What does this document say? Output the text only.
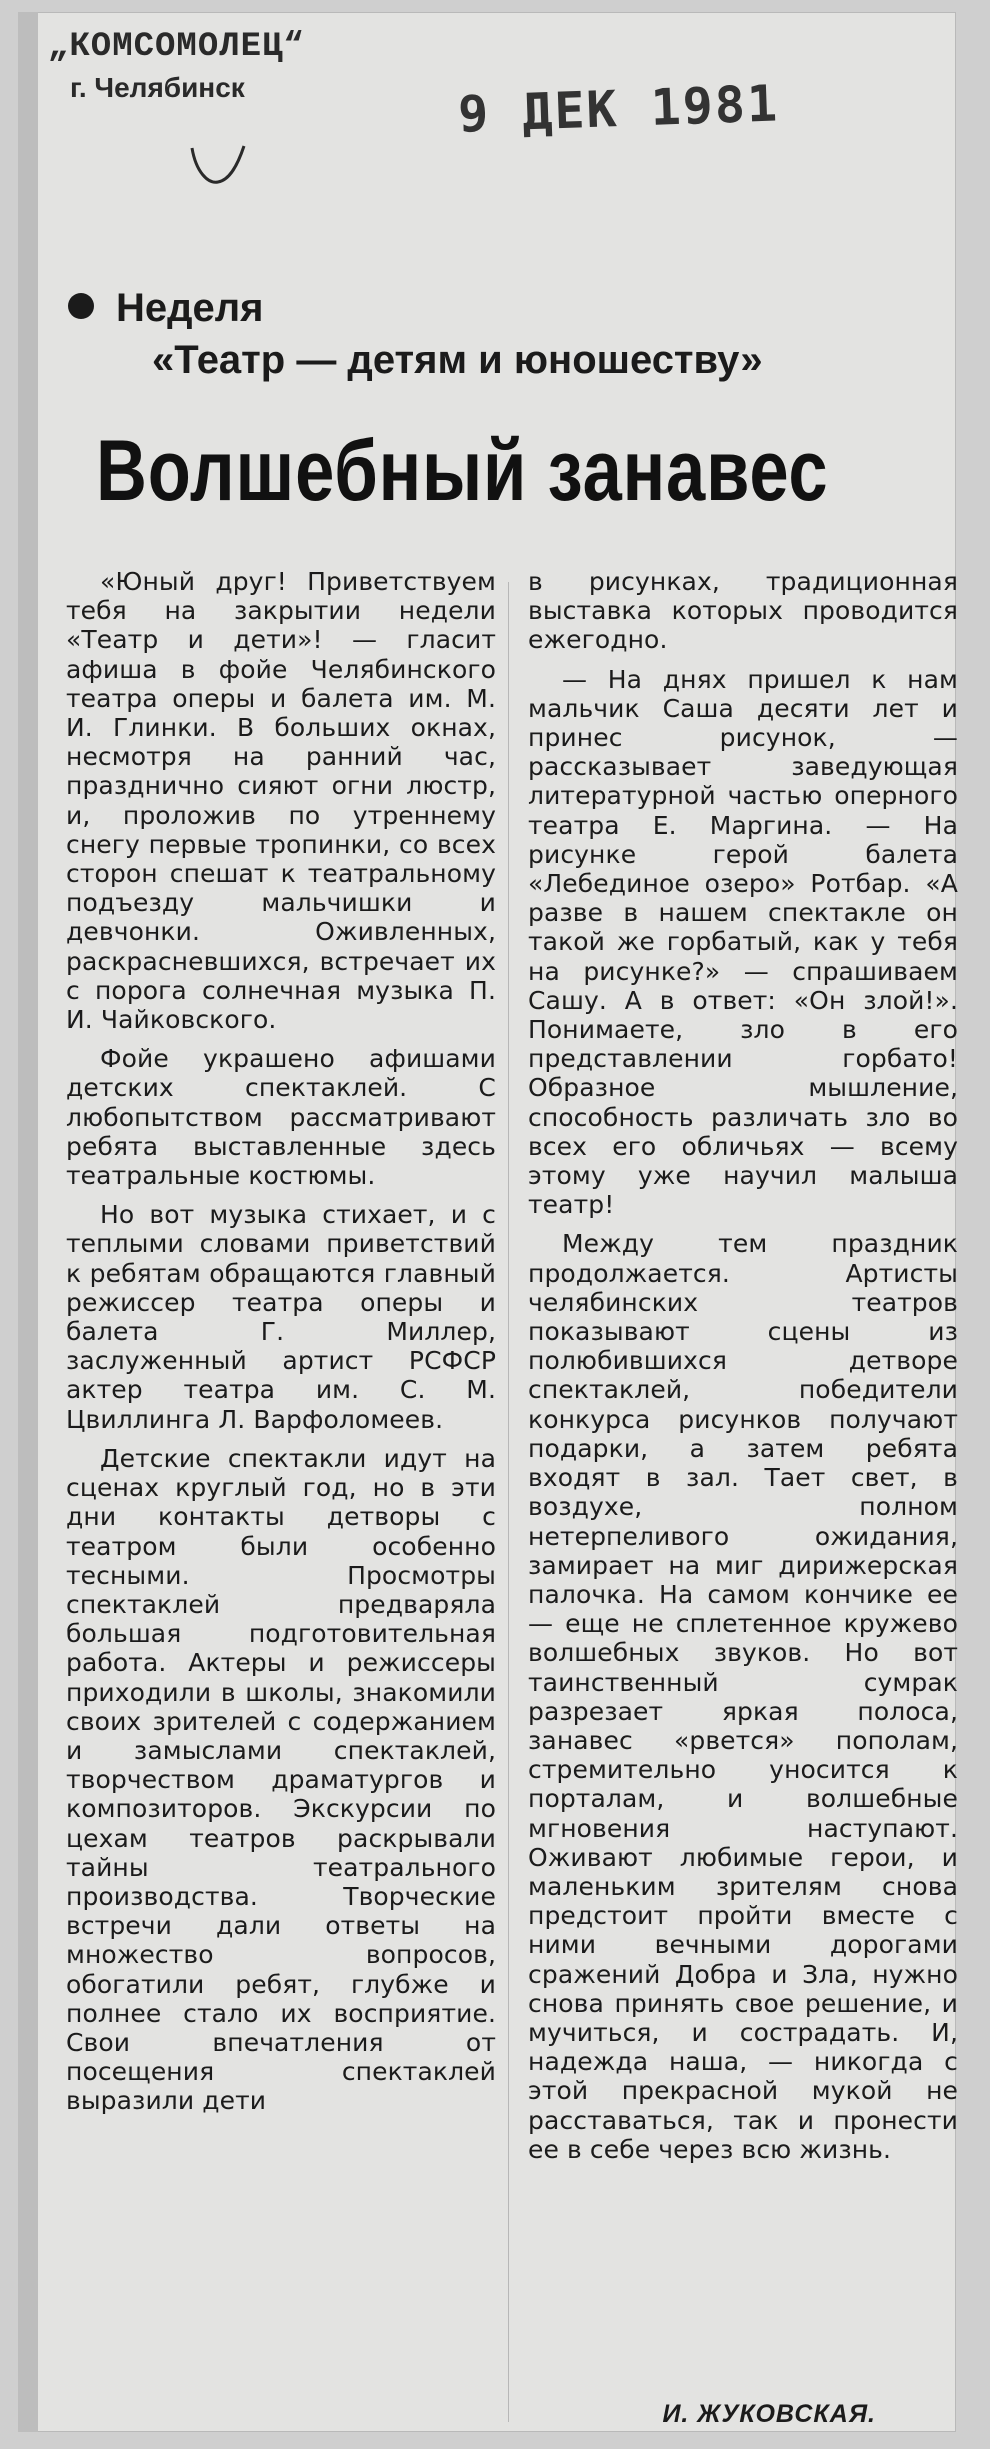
„КОМСОМОЛЕЦ“
г. Челябинск	9 ДЕК 1981
Неделя
«Театр — детям и юношеству»
Волшебный занавес

«Юный друг! Приветствуем тебя на закрытии недели «Театр и дети»! — гласит афиша в фойе Челябинского театра оперы и балета им. М. И. Глинки. В больших окнах, несмотря на ранний час, празднично сияют огни люстр, и, проложив по утреннему снегу первые тропинки, со всех сторон спешат к театральному подъезду мальчишки и девчонки. Оживленных, раскрасневшихся, встречает их с порога солнечная музыка П. И. Чайковского.

Фойе украшено афишами детских спектаклей. С любопытством рассматривают ребята выставленные здесь театральные костюмы.

Но вот музыка стихает, и с теплыми словами приветствий к ребятам обращаются главный режиссер театра оперы и балета Г. Миллер, заслуженный артист РСФСР актер театра им. С. М. Цвиллинга Л. Варфоломеев.

Детские спектакли идут на сценах круглый год, но в эти дни контакты детворы с театром были особенно тесными. Просмотры спектаклей предваряла большая подготовительная работа. Актеры и режиссеры приходили в школы, знакомили своих зрителей с содержанием и замыслами спектаклей, творчеством драматургов и композиторов. Экскурсии по цехам театров раскрывали тайны театрального производства. Творческие встречи дали ответы на множество вопросов, обогатили ребят, глубже и полнее стало их восприятие. Свои впечатления от посещения спектаклей выразили дети

в рисунках, традиционная выставка которых проводится ежегодно.

— На днях пришел к нам мальчик Саша десяти лет и принес рисунок, — рассказывает заведующая литературной частью оперного театра Е. Маргина. — На рисунке герой балета «Лебединое озеро» Ротбар. «А разве в нашем спектакле он такой же горбатый, как у тебя на рисунке?» — спрашиваем Сашу. А в ответ: «Он злой!». Понимаете, зло в его представлении горбато! Образное мышление, способность различать зло во всех его обличьях — всему этому уже научил малыша театр!

Между тем праздник продолжается. Артисты челябинских театров показывают сцены из полюбившихся детворе спектаклей, победители конкурса рисунков получают подарки, а затем ребята входят в зал. Тает свет, в воздухе, полном нетерпеливого ожидания, замирает на миг дирижерская палочка. На самом кончике ее — еще не сплетенное кружево волшебных звуков. Но вот таинственный сумрак разрезает яркая полоса, занавес «рвется» пополам, стремительно уносится к порталам, и волшебные мгновения наступают. Оживают любимые герои, и маленьким зрителям снова предстоит пройти вместе с ними вечными дорогами сражений Добра и Зла, нужно снова принять свое решение, и мучиться, и сострадать. И, надежда наша, — никогда с этой прекрасной мукой не расставаться, так и пронести ее в себе через всю жизнь.

И. ЖУКОВСКАЯ.
